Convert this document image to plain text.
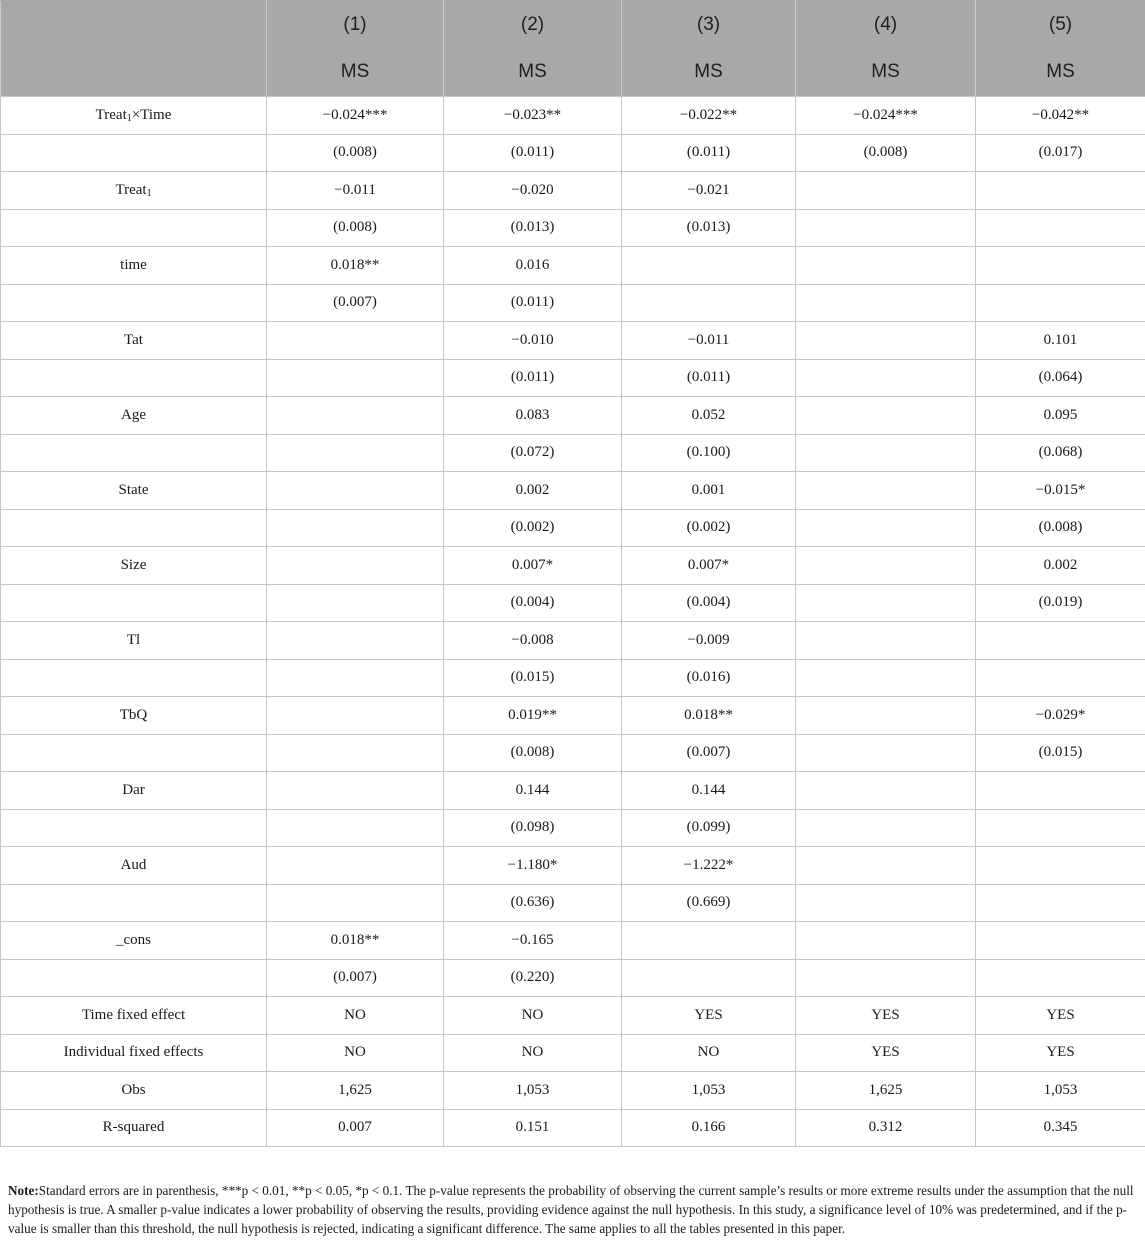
	(1)	(2)	(3)	(4)	(5)
	MS	MS	MS	MS	MS
Treat$_1$×Time	−0.024***	−0.023**	−0.022**	−0.024***	−0.042**
	(0.008)	(0.011)	(0.011)	(0.008)	(0.017)
Treat$_1$	−0.011	−0.020	−0.021		
	(0.008)	(0.013)	(0.013)		
time	0.018**	0.016			
	(0.007)	(0.011)			
Tat		−0.010	−0.011		0.101
		(0.011)	(0.011)		(0.064)
Age		0.083	0.052		0.095
		(0.072)	(0.100)		(0.068)
State		0.002	0.001		−0.015*
		(0.002)	(0.002)		(0.008)
Size		0.007*	0.007*		0.002
		(0.004)	(0.004)		(0.019)
Tl		−0.008	−0.009		
		(0.015)	(0.016)		
TbQ		0.019**	0.018**		−0.029*
		(0.008)	(0.007)		(0.015)
Dar		0.144	0.144		
		(0.098)	(0.099)		
Aud		−1.180*	−1.222*		
		(0.636)	(0.669)		
_cons	0.018**	−0.165			
	(0.007)	(0.220)			
Time fixed effect	NO	NO	YES	YES	YES
Individual fixed effects	NO	NO	NO	YES	YES
Obs	1,625	1,053	1,053	1,625	1,053
R-squared	0.007	0.151	0.166	0.312	0.345
Note:Standard errors are in parenthesis, ***p < 0.01, **p < 0.05, *p < 0.1. The p-value represents the probability of observing the current sample’s results or more extreme results under the assumption that the null hypothesis is true. A smaller p-value indicates a lower probability of observing the results, providing evidence against the null hypothesis. In this study, a significance level of 10% was predetermined, and if the p-value is smaller than this threshold, the null hypothesis is rejected, indicating a significant difference. The same applies to all the tables presented in this paper.
